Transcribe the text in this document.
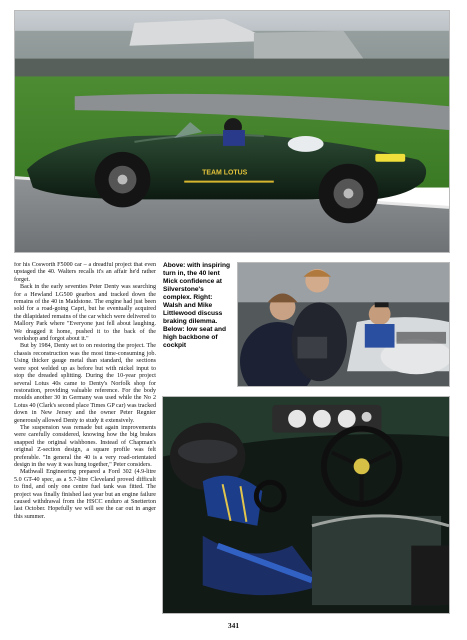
TEAM LOTUS

for his Cosworth F5000 car – a dreadful project that even upstaged the 40. Walters recalls it's an affair he'd rather forget.

Back in the early seventies Peter Denty was searching for a Hewland LG500 gearbox and tracked down the remains of the 40 in Maidstone. The engine had just been sold for a road-going Capri, but he eventually acquired the dilapidated remains of the car which were delivered to Mallory Park where "Everyone just fell about laughing. We dragged it home, pushed it to the back of the workshop and forgot about it."

But by 1984, Denty set to on restoring the project. The chassis reconstruction was the most time-consuming job. Using thicker gauge metal than standard, the sections were spot welded up as before but with nickel input to stop the dreaded splitting. During the 10-year project several Lotus 40s came to Denty's Norfolk shop for restoration, providing valuable reference. For the body moulds another 30 in Germany was used while the No 2 Lotus 40 (Clark's second place Times GP car) was tracked down in New Jersey and the owner Peter Regnier generously allowed Denty to study it extensively.

The suspension was remade but again improvements were carefully considered, knowing how the big brakes snapped the original wishbones. Instead of Chapman's original Z-section design, a square profile was felt preferable. "In general the 40 is a very road-orientated design in the way it was hung together," Peter considers.

Mathwall Engineering prepared a Ford 302 (4.9-litre 5.0 GT-40 spec, as a 5.7-litre Cleveland proved difficult to find, and only one centre fuel tank was fitted. The project was finally finished last year but an engine failure caused withdrawal from the HSCC enduro at Snetterton last October. Hopefully we will see the car out in anger this summer.

Above: with inspiring turn in, the 40 lent Mick confidence at Silverstone's complex. Right: Walsh and Mike Littlewood discuss braking dilemma. Below: low seat and high backbone of cockpit
341
